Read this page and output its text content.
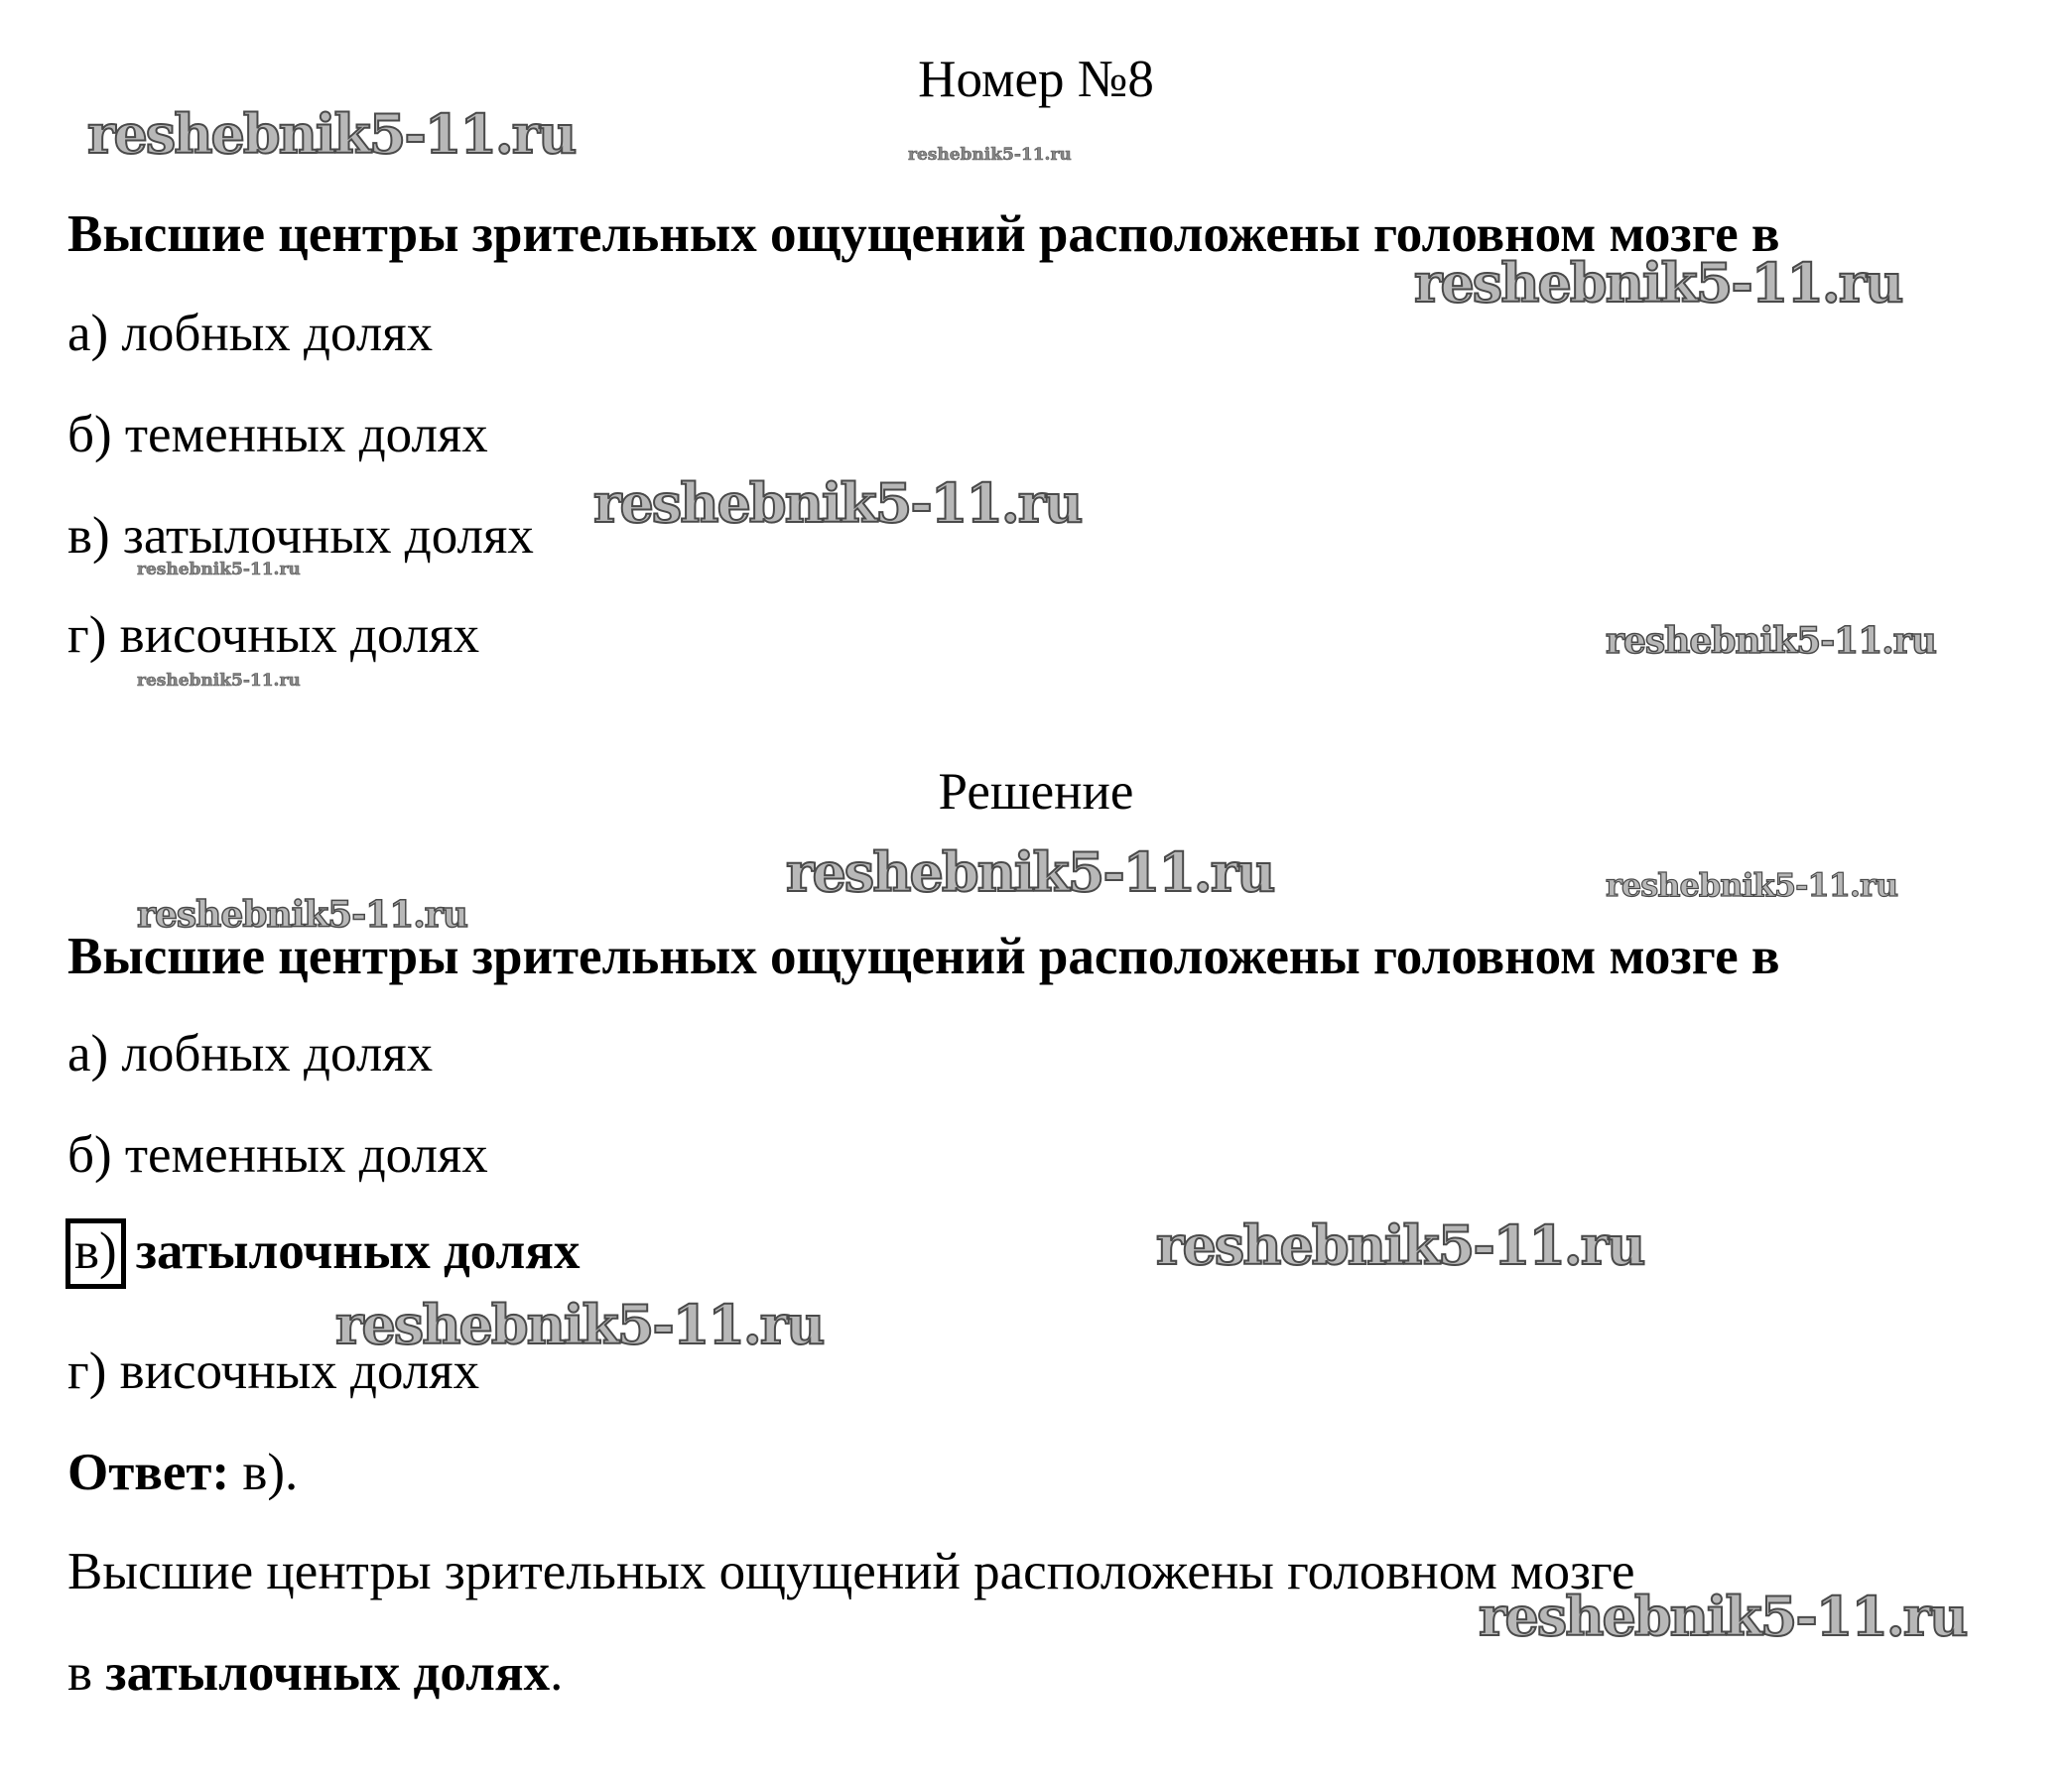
Номер №8
Высшие центры зрительных ощущений расположены головном мозге в
а) лобных долях
б) теменных долях
в) затылочных долях
г) височных долях
Решение
Высшие центры зрительных ощущений расположены головном мозге в
а) лобных долях
б) теменных долях
в) затылочных долях
г) височных долях
Ответ: в).
Высшие центры зрительных ощущений расположены головном мозге
в затылочных долях.
reshebnik5-11.ru	reshebnik5-11.ru
reshebnik5-11.ru
reshebnik5-11.ru
reshebnik5-11.ru
reshebnik5-11.ru
reshebnik5-11.ru
reshebnik5-11.ru	reshebnik5-11.ru
reshebnik5-11.ru
reshebnik5-11.ru
reshebnik5-11.ru
reshebnik5-11.ru
